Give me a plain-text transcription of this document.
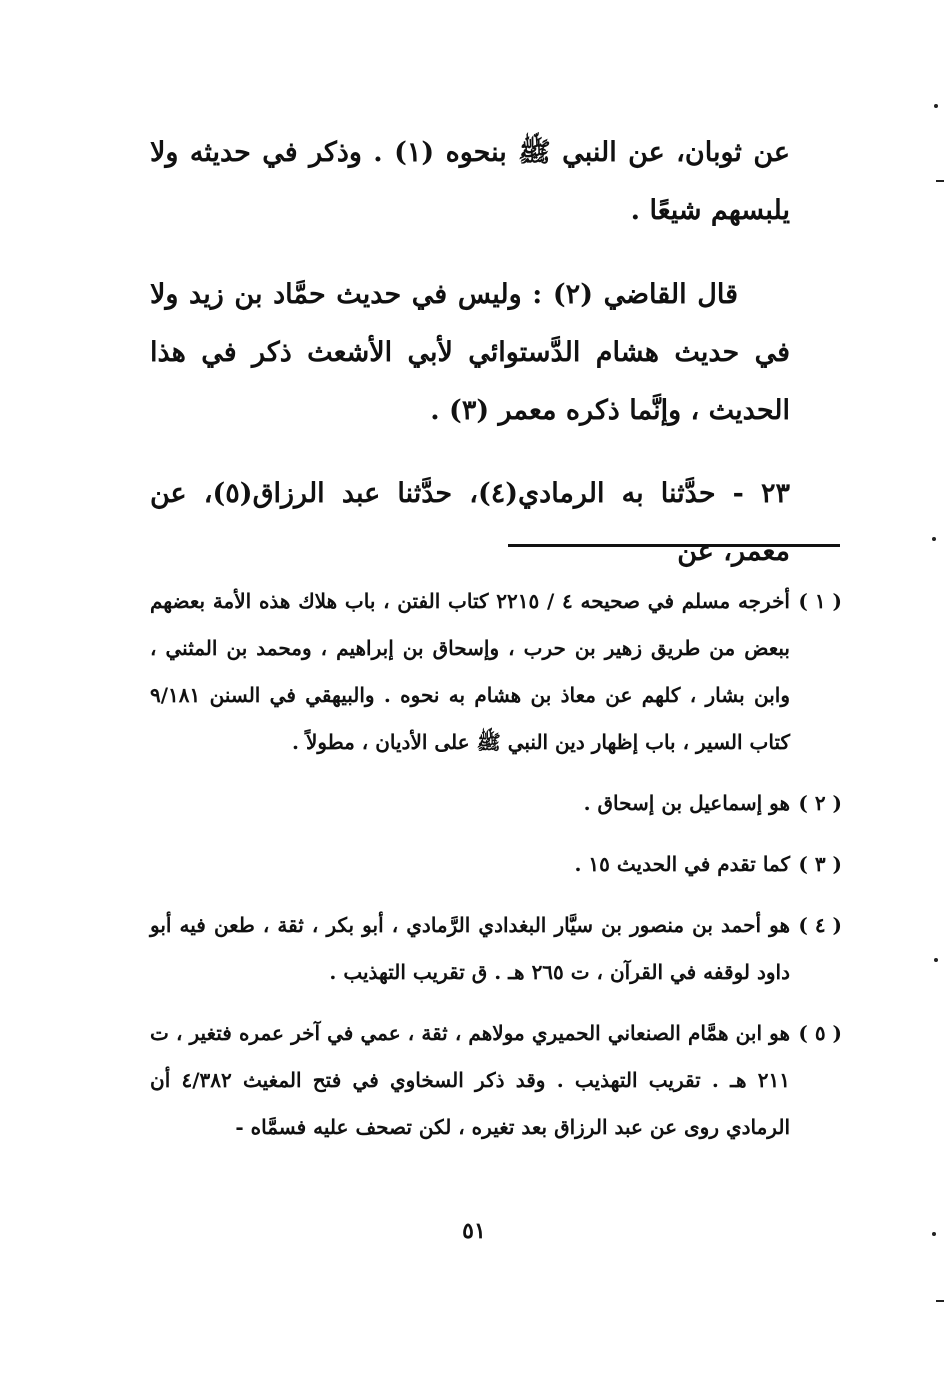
عن ثوبان، عن النبي ﷺ بنحوه (١) . وذكر في حديثه ولا يلبسهم شيعًا .

قال القاضي (٢) : وليس في حديث حمَّاد بن زيد ولا في حديث هشام الدَّستوائي لأبي الأشعث ذكر في هذا الحديث ، وإنَّما ذكره معمر (٣) .

٢٣ - حدَّثنا به الرمادي(٤)، حدَّثنا عبد الرزاق(٥)، عن معمر، عن

( ١ )
أخرجه مسلم في صحيحه ٤ / ٢٢١٥ كتاب الفتن ، باب هلاك هذه الأمة بعضهم ببعض من طريق زهير بن حرب ، وإسحاق بن إبراهيم ، ومحمد بن المثني ، وابن بشار ، كلهم عن معاذ بن هشام به نحوه . والبيهقي في السنن ٩/١٨١ كتاب السير ، باب إظهار دين النبي ﷺ على الأديان ، مطولاً .
( ٢ )
هو إسماعيل بن إسحاق .
( ٣ )
كما تقدم في الحديث ١٥ .
( ٤ )
هو أحمد بن منصور بن سيَّار البغدادي الرَّمادي ، أبو بكر ، ثقة ، طعن فيه أبو داود لوقفه في القرآن ، ت ٢٦٥ هـ . ق تقريب التهذيب .
( ٥ )
هو ابن همَّام الصنعاني الحميري مولاهم ، ثقة ، عمي في آخر عمره فتغير ، ت ٢١١ هـ . تقريب التهذيب . وقد ذكر السخاوي في فتح المغيث ٤/٣٨٢ أن الرمادي روى عن عبد الرزاق بعد تغيره ، لكن تصحف عليه فسمَّاه -
٥١
